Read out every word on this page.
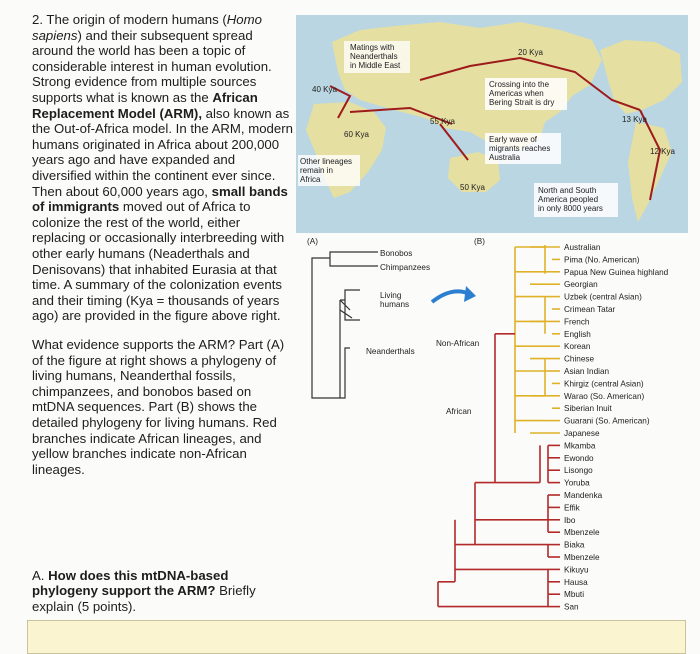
2. The origin of modern humans (Homo sapiens) and their subsequent spread around the world has been a topic of considerable interest in human evolution. Strong evidence from multiple sources supports what is known as the African Replacement Model (ARM), also known as the Out-of-Africa model. In the ARM, modern humans originated in Africa about 200,000 years ago and have expanded and diversified within the continent ever since. Then about 60,000 years ago, small bands of immigrants moved out of Africa to colonize the rest of the world, either replacing or occasionally interbreeding with other early humans (Neaderthals and Denisovans) that inhabited Eurasia at that time. A summary of the colonization events and their timing (Kya = thousands of years ago) are provided in the figure above right.

What evidence supports the ARM? Part (A) of the figure at right shows a phylogeny of living humans, Neanderthal fossils, chimpanzees, and bonobos based on mtDNA sequences. Part (B) shows the detailed phylogeny for living humans. Red branches indicate African lineages, and yellow branches indicate non-African lineages.
A. How does this mtDNA-based phylogeny support the ARM? Briefly explain (5 points).
Matings with Neanderthals in Middle East
40 Kya
60 Kya
55 Kya
50 Kya
20 Kya
13 Kya
12 Kya
Other lineages remain in Africa
Crossing into the Americas when Bering Strait is dry
Early wave of migrants reaches Australia
North and South America peopled in only 8000 years
(A)
Bonobos
Chimpanzees
Living humans
Neanderthals
(B)
Non-African
African
Australian
Pima (No. American)
Papua New Guinea highland
Georgian
Uzbek (central Asian)
Crimean Tatar
French
English
Korean
Chinese
Asian Indian
Khirgiz (central Asian)
Warao (So. American)
Siberian Inuit
Guarani (So. American)
Japanese
Mkamba
Ewondo
Lisongo
Yoruba
Mandenka
Effik
Ibo
Mbenzele
Biaka
Mbenzele
Kikuyu
Hausa
Mbuti
San
